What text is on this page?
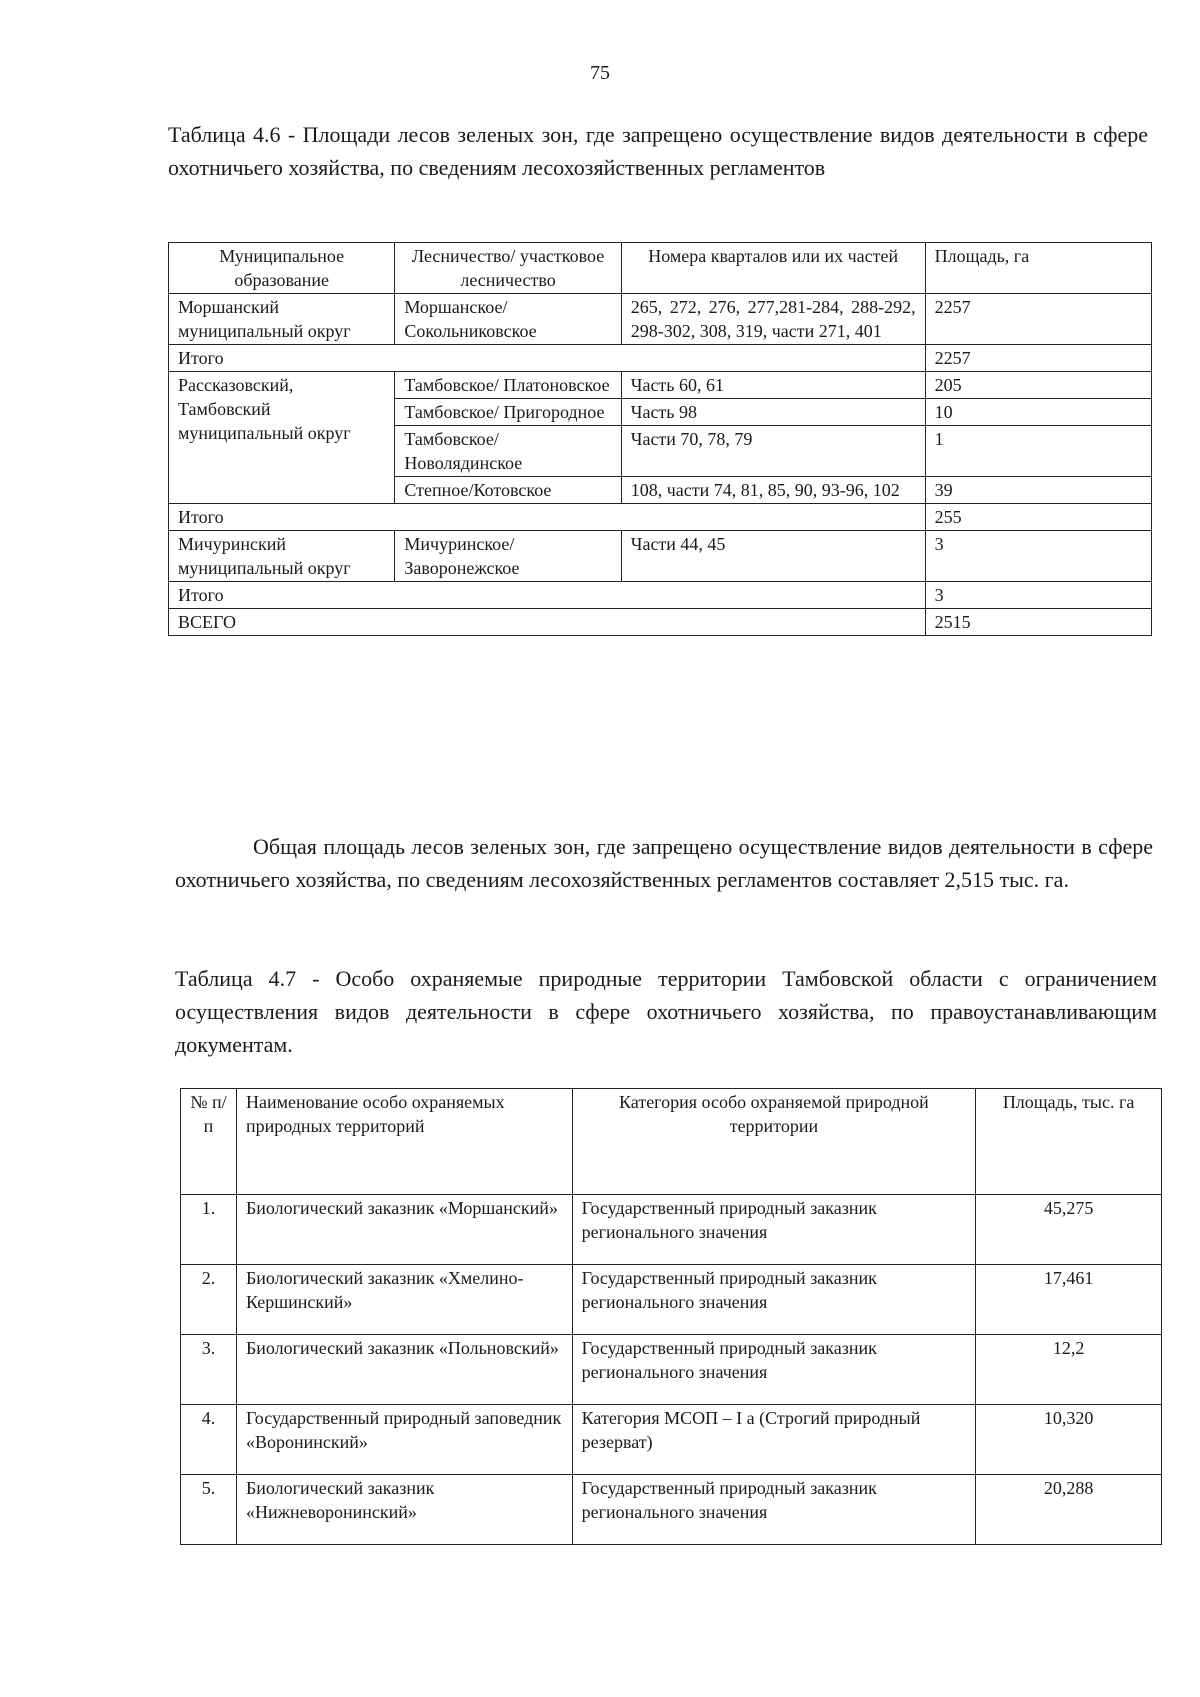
75
Таблица 4.6 - Площади лесов зеленых зон, где запрещено осуществление видов деятельности в сфере охотничьего хозяйства, по сведениям лесохозяйственных регламентов
Муниципальное образование	Лесничество/ участковое лесничество	Номера кварталов или их частей	Площадь, га
Моршанский муниципальный округ	Моршанское/ Сокольниковское	265, 272, 276, 277,281-284, 288-292, 298-302, 308, 319, части 271, 401	2257
Итого			2257
Рассказовский, Тамбовский муниципальный округ	Тамбовское/ Платоновское	Часть 60, 61	205
	Тамбовское/ Пригородное	Часть 98	10
	Тамбовское/ Новолядинское	Части 70, 78, 79	1
	Степное/Котовское	108, части 74, 81, 85, 90, 93-96, 102	39
Итого			255
Мичуринский муниципальный округ	Мичуринское/ Заворонежское	Части 44, 45	3
Итого			3
ВСЕГО			2515
Общая площадь лесов зеленых зон, где запрещено осуществление видов деятельности в сфере охотничьего хозяйства, по сведениям лесохозяйственных регламентов составляет 2,515 тыс. га.
Таблица 4.7 - Особо охраняемые природные территории Тамбовской области с ограничением осуществления видов деятельности в сфере охотничьего хозяйства, по правоустанавливающим документам.
№ п/п	Наименование особо охраняемых природных территорий	Категория особо охраняемой природной территории	Площадь, тыс. га
1.	Биологический заказник «Моршанский»	Государственный природный заказник регионального значения	45,275
2.	Биологический заказник «Хмелино-Кершинский»	Государственный природный заказник регионального значения	17,461
3.	Биологический заказник «Польновский»	Государственный природный заказник регионального значения	12,2
4.	Государственный природный заповедник «Воронинский»	Категория МСОП – I a (Строгий природный резерват)	10,320
5.	Биологический заказник «Нижневоронинский»	Государственный природный заказник регионального значения	20,288
